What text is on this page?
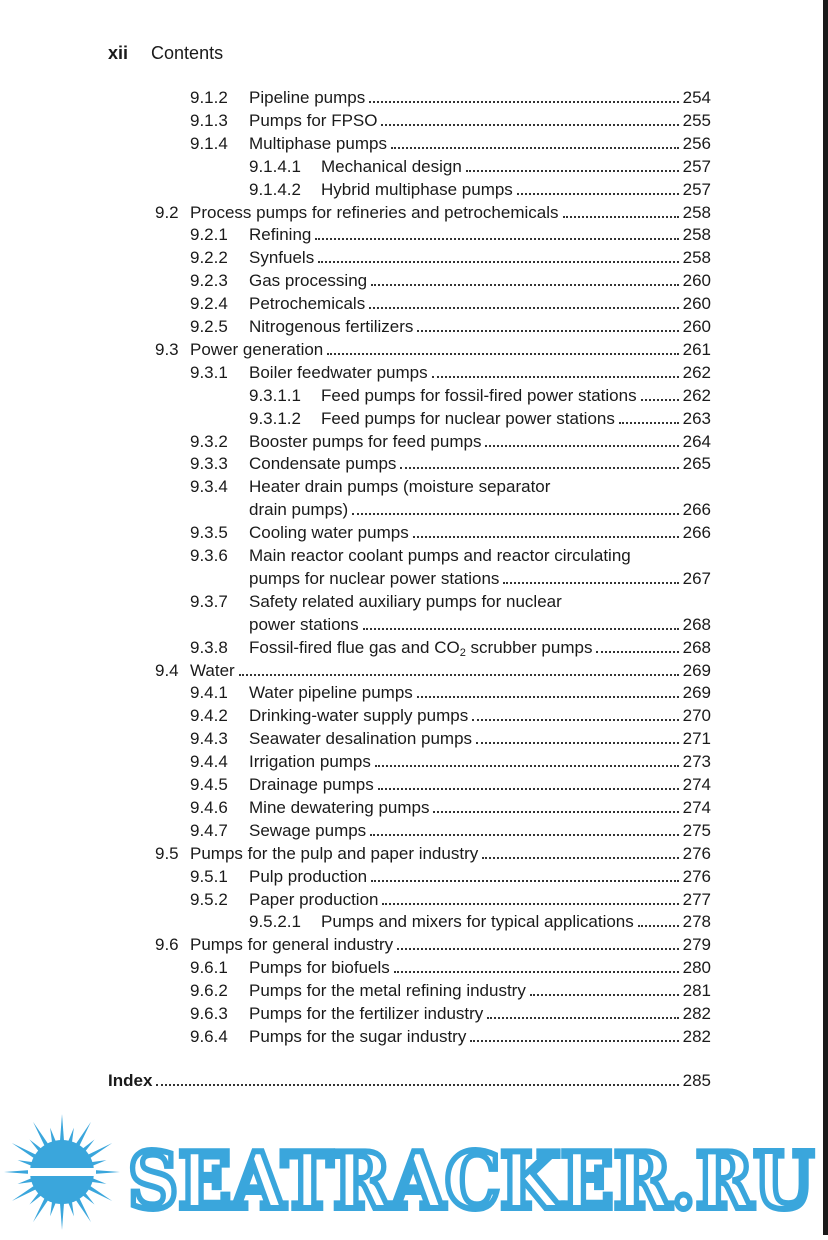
xii Contents
9.1.2	Pipeline pumps	254
9.1.3	Pumps for FPSO	255
9.1.4	Multiphase pumps	256
9.1.4.1	Mechanical design	257
9.1.4.2	Hybrid multiphase pumps	257
9.2 Process pumps for refineries and petrochemicals	258
9.2.1	Refining	258
9.2.2	Synfuels	258
9.2.3	Gas processing	260
9.2.4	Petrochemicals	260
9.2.5	Nitrogenous fertilizers	260
9.3 Power generation	261
9.3.1	Boiler feedwater pumps	262
9.3.1.1	Feed pumps for fossil-fired power stations	262
9.3.1.2	Feed pumps for nuclear power stations	263
9.3.2	Booster pumps for feed pumps	264
9.3.3	Condensate pumps	265
9.3.4	Heater drain pumps (moisture separator
drain pumps)	266
9.3.5	Cooling water pumps	266
9.3.6	Main reactor coolant pumps and reactor circulating
pumps for nuclear power stations	267
9.3.7	Safety related auxiliary pumps for nuclear
power stations	268
9.3.8	Fossil-fired flue gas and $CO_2$ scrubber pumps	268
9.4 Water	269
9.4.1	Water pipeline pumps	269
9.4.2	Drinking-water supply pumps	270
9.4.3	Seawater desalination pumps	271
9.4.4	Irrigation pumps	273
9.4.5	Drainage pumps	274
9.4.6	Mine dewatering pumps	274
9.4.7	Sewage pumps	275
9.5 Pumps for the pulp and paper industry	276
9.5.1	Pulp production	276
9.5.2	Paper production	277
9.5.2.1	Pumps and mixers for typical applications	278
9.6 Pumps for general industry	279
9.6.1	Pumps for biofuels	280
9.6.2	Pumps for the metal refining industry	281
9.6.3	Pumps for the fertilizer industry	282
9.6.4	Pumps for the sugar industry	282
Index	285
SEATRACKER.RU
